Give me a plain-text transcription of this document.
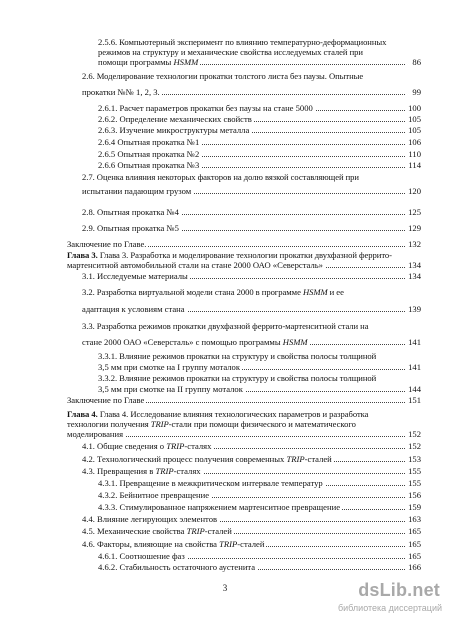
2.5.6. Компьютерный эксперимент по влиянию температурно-деформационных
режимов на структуру и механические свойства исследуемых сталей при
помощи программы HSMM	86
2.6. Моделирование технологии прокатки толстого листа без паузы. Опытные
прокатки №№ 1, 2, 3.	99
2.6.1. Расчет параметров прокатки без паузы на стане 5000	100
2.6.2. Определение механических свойств	105
2.6.3. Изучение микроструктуры металла	105
2.6.4 Опытная прокатка №1	106
2.6.5 Опытная прокатка №2	110
2.6.6 Опытная прокатка №3	114
2.7. Оценка влияния некоторых факторов на долю вязкой составляющей при
испытании падающим грузом	120
2.8. Опытная прокатка №4	125
2.9. Опытная прокатка №5	129
Заключение по Главе.	132
Глава 3. Глава 3. Разработка и моделирование технологии прокатки двухфазной феррито-
мартенситной автомобильной стали на стане 2000 ОАО «Северсталь»	134
3.1. Исследуемые материалы	134
3.2. Разработка виртуальной модели стана 2000 в программе HSMM и ее
адаптация к условиям стана	139
3.3. Разработка режимов прокатки двухфазной феррито-мартенситной стали на
стане 2000 ОАО «Северсталь» с помощью программы HSMM	141
3.3.1. Влияние режимов прокатки на структуру и свойства полосы толщиной
3,5 мм при смотке на I группу моталок	141
3.3.2. Влияние режимов прокатки на структуру и свойства полосы толщиной
3,5 мм при смотке на II группу моталок	144
Заключение по Главе	151
Глава 4. Глава 4. Исследование влияния технологических параметров и разработка
технологии получения TRIP-стали при помощи физического и математического
моделирования	152
4.1. Общие сведения о TRIP-сталях	152
4.2. Технологический процесс получения современных TRIP-сталей	153
4.3. Превращения в TRIP-сталях	155
4.3.1. Превращение в межкритическом интервале температур	155
4.3.2. Бейнитное превращение	156
4.3.3. Стимулированное напряжением мартенситное превращение	159
4.4. Влияние легирующих элементов	163
4.5. Механические свойства TRIP-сталей	165
4.6. Факторы, влияющие на свойства TRIP-сталей	165
4.6.1. Соотношение фаз	165
4.6.2. Стабильность остаточного аустенита	166
3	dsLib.net
библиотека диссертаций
